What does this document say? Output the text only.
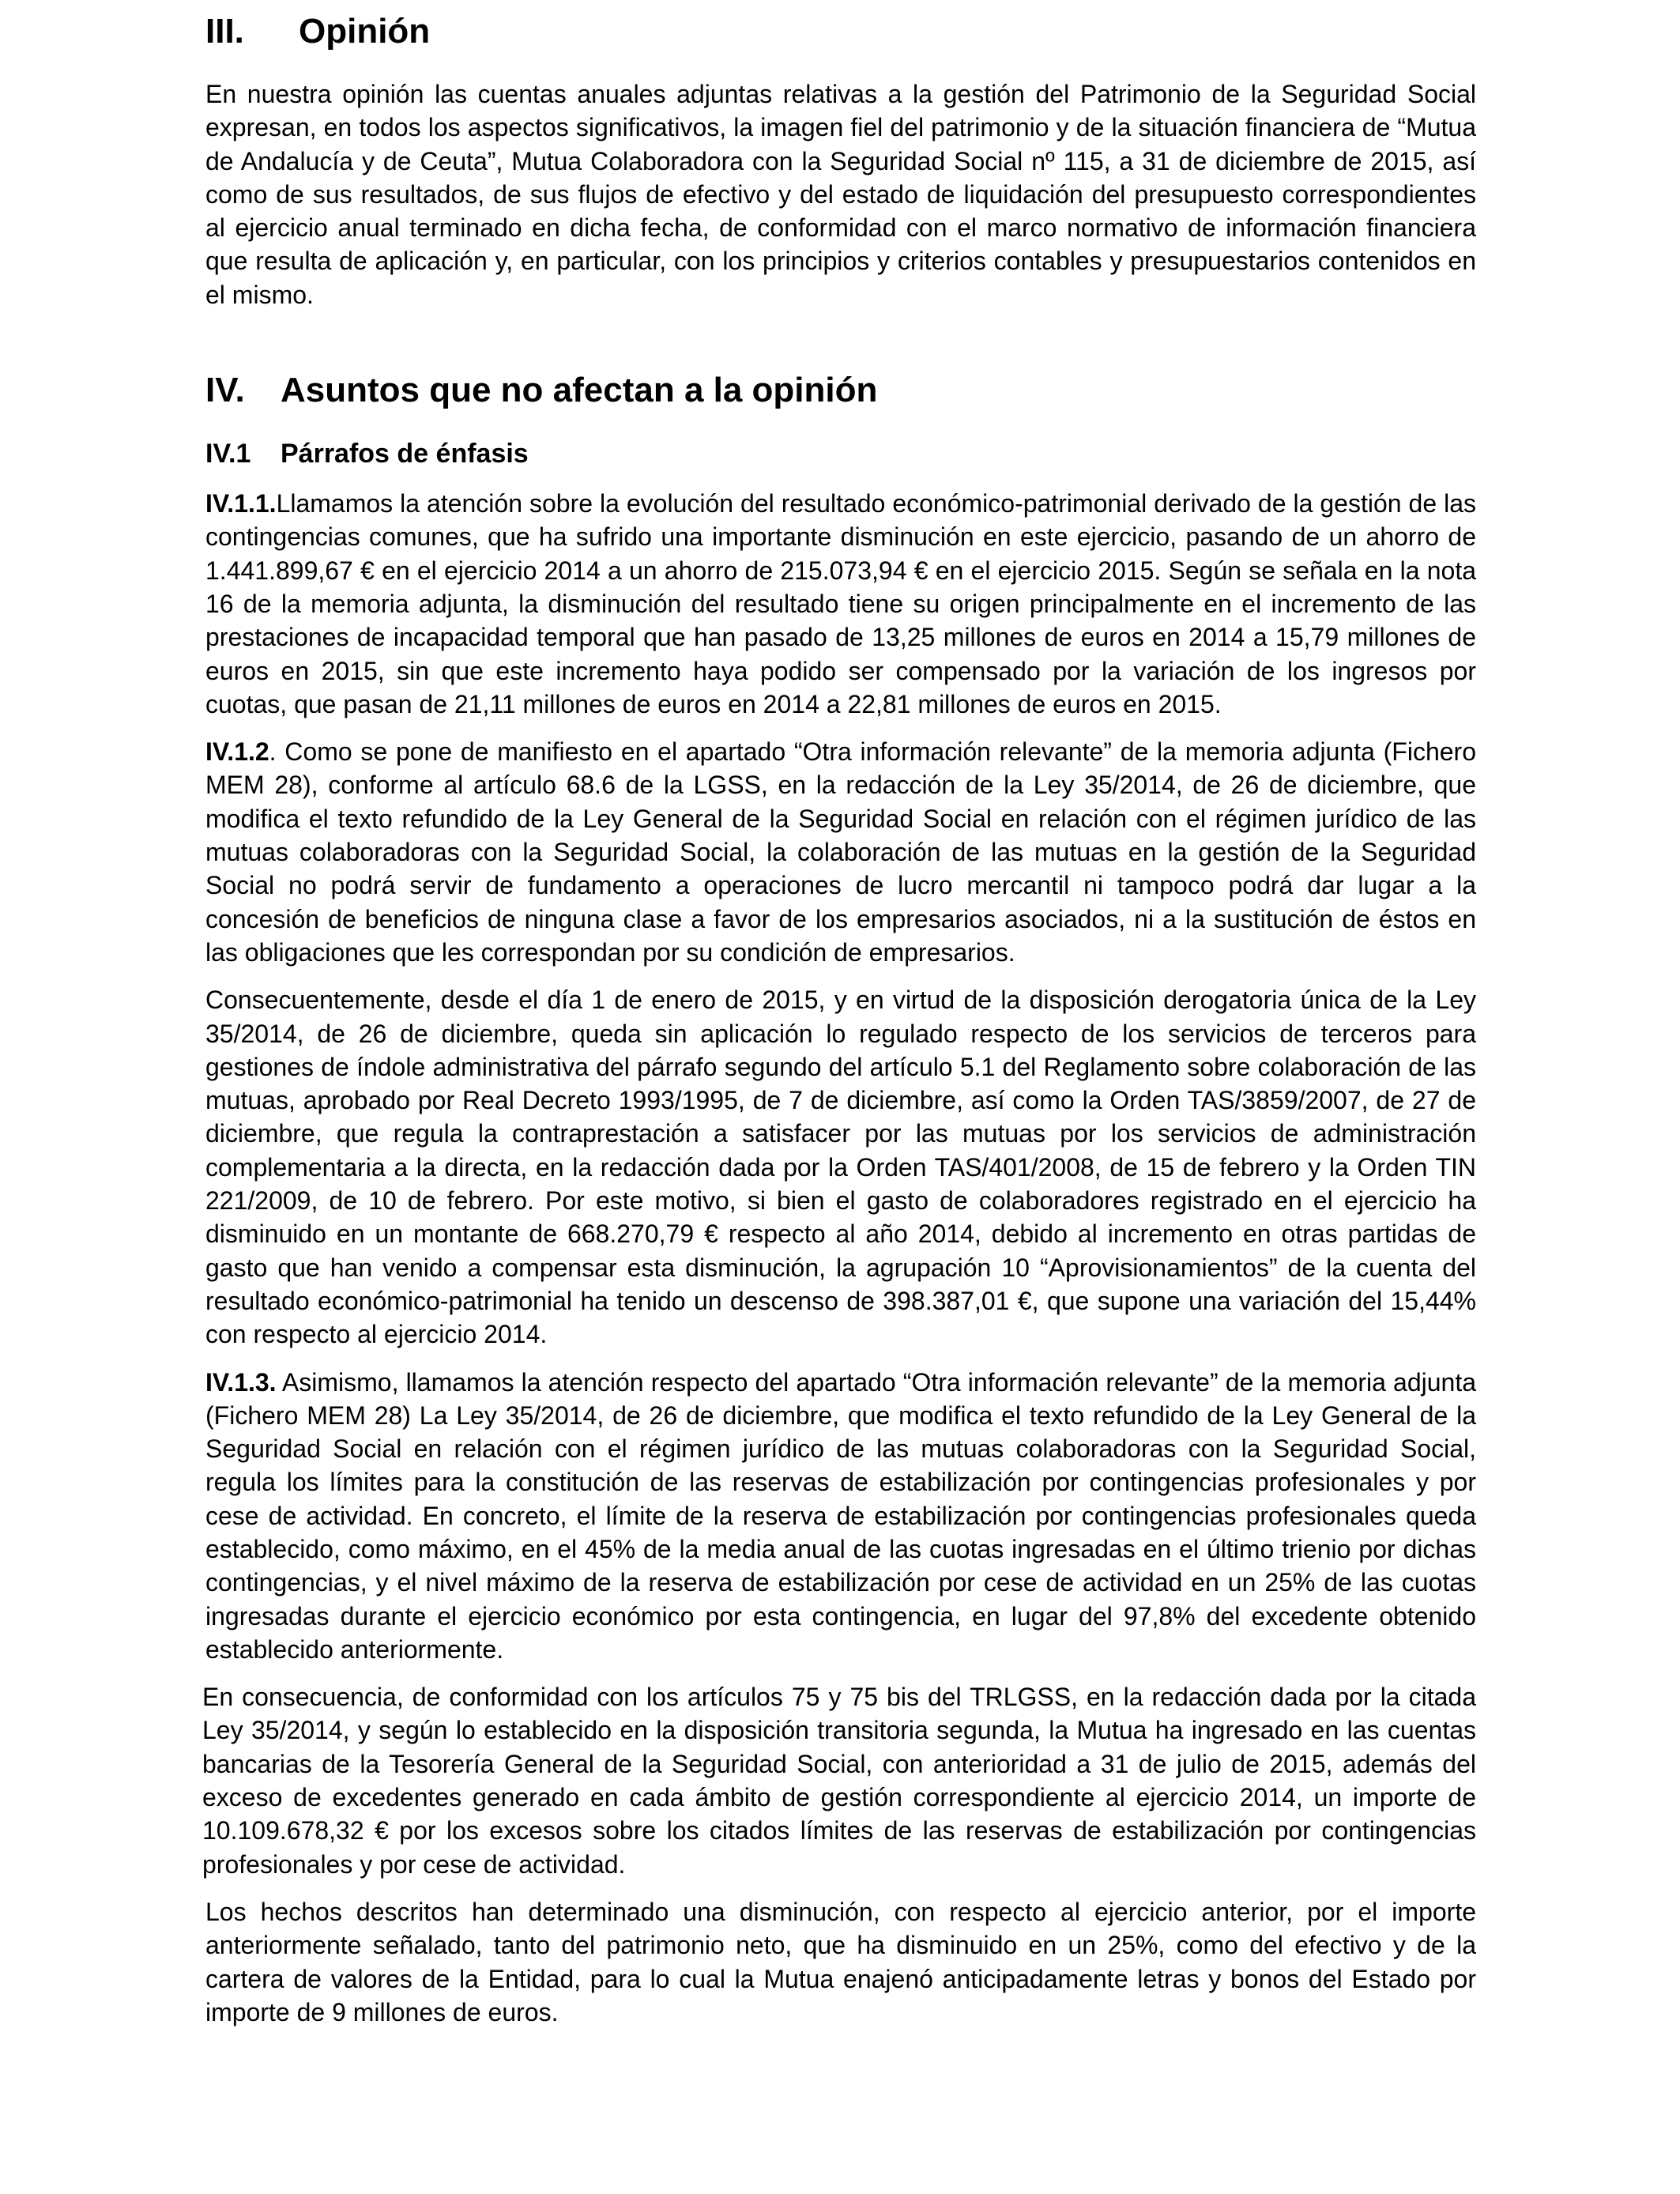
III.	Opinión

En nuestra opinión las cuentas anuales adjuntas relativas a la gestión del Patrimonio de la Seguridad Social expresan, en todos los aspectos significativos, la imagen fiel del patrimonio y de la situación financiera de “Mutua de Andalucía y de Ceuta”, Mutua Colaboradora con la Seguridad Social nº 115, a 31 de diciembre de 2015, así como de sus resultados, de sus flujos de efectivo y del estado de liquidación del presupuesto correspondientes al ejercicio anual terminado en dicha fecha, de conformidad con el marco normativo de información financiera que resulta de aplicación y, en particular, con los principios y criterios contables y presupuestarios contenidos en el mismo.

IV.	Asuntos que no afectan a la opinión
IV.1	Párrafos de énfasis

IV.1.1.Llamamos la atención sobre la evolución del resultado económico-patrimonial derivado de la gestión de las contingencias comunes, que ha sufrido una importante disminución en este ejercicio, pasando de un ahorro de 1.441.899,67 € en el ejercicio 2014 a un ahorro de 215.073,94 € en el ejercicio 2015. Según se señala en la nota 16 de la memoria adjunta, la disminución del resultado tiene su origen principalmente en el incremento de las prestaciones de incapacidad temporal que han pasado de 13,25 millones de euros en 2014 a 15,79 millones de euros en 2015, sin que este incremento haya podido ser compensado por la variación de los ingresos por cuotas, que pasan de 21,11 millones de euros en 2014 a 22,81 millones de euros en 2015.

IV.1.2. Como se pone de manifiesto en el apartado “Otra información relevante” de la memoria adjunta (Fichero MEM 28), conforme al artículo 68.6 de la LGSS, en la redacción de la Ley 35/2014, de 26 de diciembre, que modifica el texto refundido de la Ley General de la Seguridad Social en relación con el régimen jurídico de las mutuas colaboradoras con la Seguridad Social, la colaboración de las mutuas en la gestión de la Seguridad Social no podrá servir de fundamento a operaciones de lucro mercantil ni tampoco podrá dar lugar a la concesión de beneficios de ninguna clase a favor de los empresarios asociados, ni a la sustitución de éstos en las obligaciones que les correspondan por su condición de empresarios.

Consecuentemente, desde el día 1 de enero de 2015, y en virtud de la disposición derogatoria única de la Ley 35/2014, de 26 de diciembre, queda sin aplicación lo regulado respecto de los servicios de terceros para gestiones de índole administrativa del párrafo segundo del artículo 5.1 del Reglamento sobre colaboración de las mutuas, aprobado por Real Decreto 1993/1995, de 7 de diciembre, así como la Orden TAS/3859/2007, de 27 de diciembre, que regula la contraprestación a satisfacer por las mutuas por los servicios de administración complementaria a la directa, en la redacción dada por la Orden TAS/401/2008, de 15 de febrero y la Orden TIN 221/2009, de 10 de febrero. Por este motivo, si bien el gasto de colaboradores registrado en el ejercicio ha disminuido en un montante de 668.270,79 € respecto al año 2014, debido al incremento en otras partidas de gasto que han venido a compensar esta disminución, la agrupación 10 “Aprovisionamientos” de la cuenta del resultado económico-patrimonial ha tenido un descenso de 398.387,01 €, que supone una variación del 15,44% con respecto al ejercicio 2014.

IV.1.3. Asimismo, llamamos la atención respecto del apartado “Otra información relevante” de la memoria adjunta (Fichero MEM 28) La Ley 35/2014, de 26 de diciembre, que modifica el texto refundido de la Ley General de la Seguridad Social en relación con el régimen jurídico de las mutuas colaboradoras con la Seguridad Social, regula los límites para la constitución de las reservas de estabilización por contingencias profesionales y por cese de actividad. En concreto, el límite de la reserva de estabilización por contingencias profesionales queda establecido, como máximo, en el 45% de la media anual de las cuotas ingresadas en el último trienio por dichas contingencias, y el nivel máximo de la reserva de estabilización por cese de actividad en un 25% de las cuotas ingresadas durante el ejercicio económico por esta contingencia, en lugar del 97,8% del excedente obtenido establecido anteriormente.

En consecuencia, de conformidad con los artículos 75 y 75 bis del TRLGSS, en la redacción dada por la citada Ley 35/2014, y según lo establecido en la disposición transitoria segunda, la Mutua ha ingresado en las cuentas bancarias de la Tesorería General de la Seguridad Social, con anterioridad a 31 de julio de 2015, además del exceso de excedentes generado en cada ámbito de gestión correspondiente al ejercicio 2014, un importe de 10.109.678,32 € por los excesos sobre los citados límites de las reservas de estabilización por contingencias profesionales y por cese de actividad.

Los hechos descritos han determinado una disminución, con respecto al ejercicio anterior, por el importe anteriormente señalado, tanto del patrimonio neto, que ha disminuido en un 25%, como del efectivo y de la cartera de valores de la Entidad, para lo cual la Mutua enajenó anticipadamente letras y bonos del Estado por importe de 9 millones de euros.
